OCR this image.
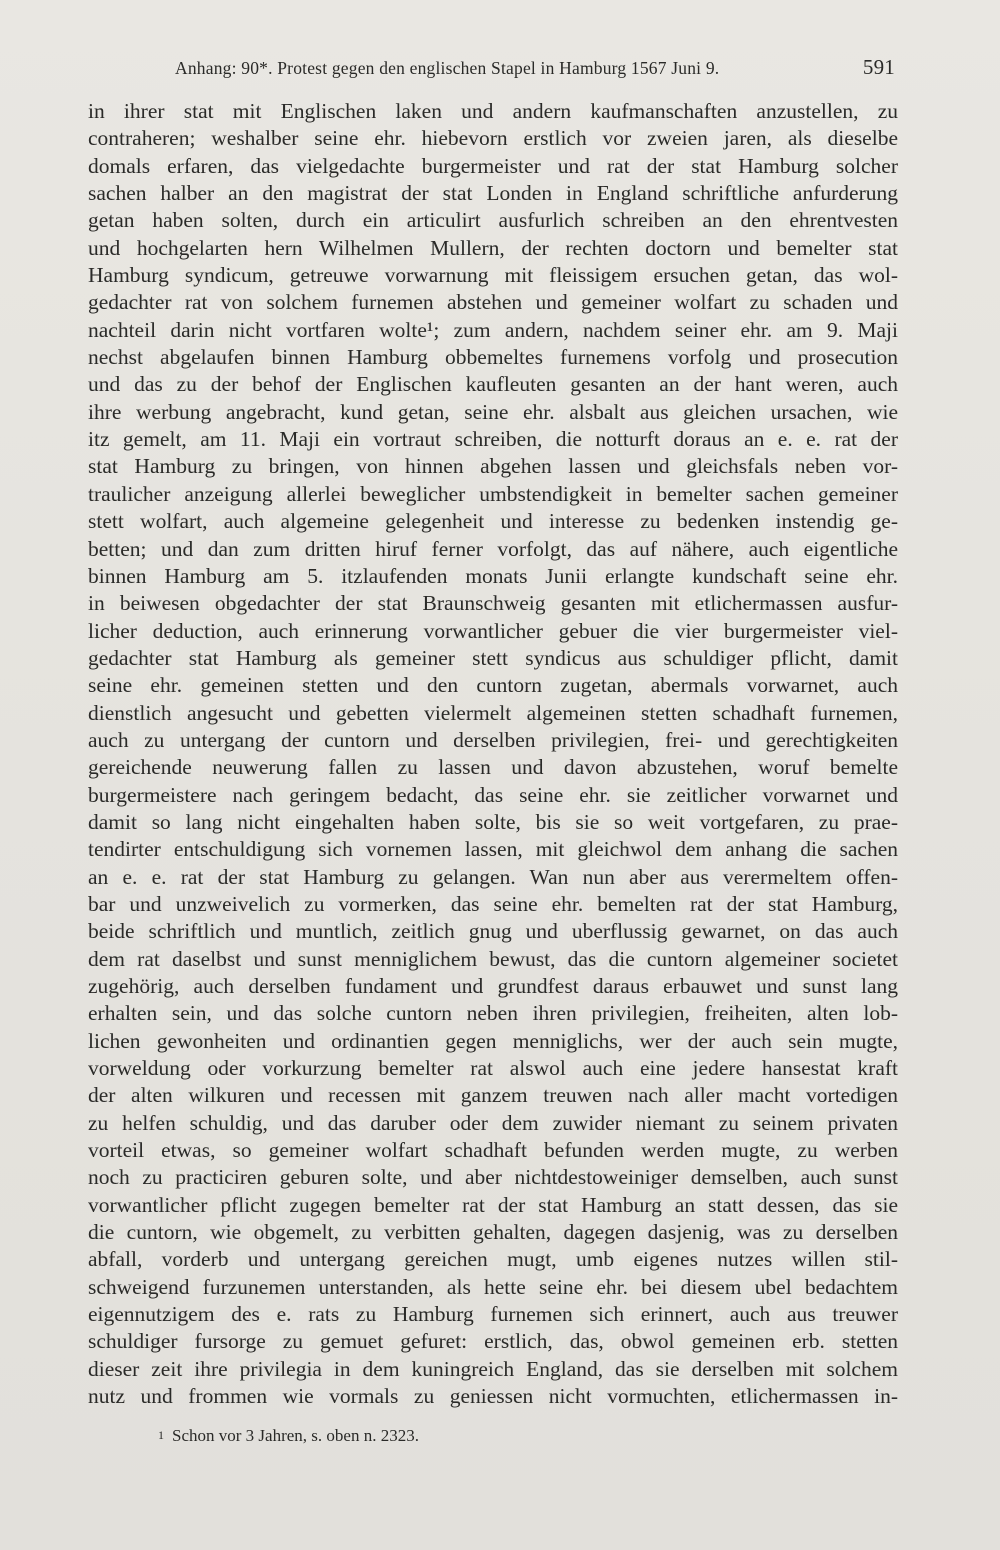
Anhang: 90*. Protest gegen den englischen Stapel in Hamburg 1567 Juni 9.	591
in ihrer stat mit Englischen laken und andern kaufmanschaften anzustellen, zu
contraheren; weshalber seine ehr. hiebevorn erstlich vor zweien jaren, als dieselbe
domals erfaren, das vielgedachte burgermeister und rat der stat Hamburg solcher
sachen halber an den magistrat der stat Londen in England schriftliche anfurderung
getan haben solten, durch ein articulirt ausfurlich schreiben an den ehrentvesten
und hochgelarten hern Wilhelmen Mullern, der rechten doctorn und bemelter stat
Hamburg syndicum, getreuwe vorwarnung mit fleissigem ersuchen getan, das wol-
gedachter rat von solchem furnemen abstehen und gemeiner wolfart zu schaden und
nachteil darin nicht vortfaren wolte¹; zum andern, nachdem seiner ehr. am 9. Maji
nechst abgelaufen binnen Hamburg obbemeltes furnemens vorfolg und prosecution
und das zu der behof der Englischen kaufleuten gesanten an der hant weren, auch
ihre werbung angebracht, kund getan, seine ehr. alsbalt aus gleichen ursachen, wie
itz gemelt, am 11. Maji ein vortraut schreiben, die notturft doraus an e. e. rat der
stat Hamburg zu bringen, von hinnen abgehen lassen und gleichsfals neben vor-
traulicher anzeigung allerlei beweglicher umbstendigkeit in bemelter sachen gemeiner
stett wolfart, auch algemeine gelegenheit und interesse zu bedenken instendig ge-
betten; und dan zum dritten hiruf ferner vorfolgt, das auf nähere, auch eigentliche
binnen Hamburg am 5. itzlaufenden monats Junii erlangte kundschaft seine ehr.
in beiwesen obgedachter der stat Braunschweig gesanten mit etlichermassen ausfur-
licher deduction, auch erinnerung vorwantlicher gebuer die vier burgermeister viel-
gedachter stat Hamburg als gemeiner stett syndicus aus schuldiger pflicht, damit
seine ehr. gemeinen stetten und den cuntorn zugetan, abermals vorwarnet, auch
dienstlich angesucht und gebetten vielermelt algemeinen stetten schadhaft furnemen,
auch zu untergang der cuntorn und derselben privilegien, frei- und gerechtigkeiten
gereichende neuwerung fallen zu lassen und davon abzustehen, woruf bemelte
burgermeistere nach geringem bedacht, das seine ehr. sie zeitlicher vorwarnet und
damit so lang nicht eingehalten haben solte, bis sie so weit vortgefaren, zu prae-
tendirter entschuldigung sich vornemen lassen, mit gleichwol dem anhang die sachen
an e. e. rat der stat Hamburg zu gelangen. Wan nun aber aus verermeltem offen-
bar und unzweivelich zu vormerken, das seine ehr. bemelten rat der stat Hamburg,
beide schriftlich und muntlich, zeitlich gnug und uberflussig gewarnet, on das auch
dem rat daselbst und sunst menniglichem bewust, das die cuntorn algemeiner societet
zugehörig, auch derselben fundament und grundfest daraus erbauwet und sunst lang
erhalten sein, und das solche cuntorn neben ihren privilegien, freiheiten, alten lob-
lichen gewonheiten und ordinantien gegen menniglichs, wer der auch sein mugte,
vorweldung oder vorkurzung bemelter rat alswol auch eine jedere hansestat kraft
der alten wilkuren und recessen mit ganzem treuwen nach aller macht vortedigen
zu helfen schuldig, und das daruber oder dem zuwider niemant zu seinem privaten
vorteil etwas, so gemeiner wolfart schadhaft befunden werden mugte, zu werben
noch zu practiciren geburen solte, und aber nichtdestoweiniger demselben, auch sunst
vorwantlicher pflicht zugegen bemelter rat der stat Hamburg an statt dessen, das sie
die cuntorn, wie obgemelt, zu verbitten gehalten, dagegen dasjenig, was zu derselben
abfall, vorderb und untergang gereichen mugt, umb eigenes nutzes willen stil-
schweigend furzunemen unterstanden, als hette seine ehr. bei diesem ubel bedachtem
eigennutzigem des e. rats zu Hamburg furnemen sich erinnert, auch aus treuwer
schuldiger fursorge zu gemuet gefuret: erstlich, das, obwol gemeinen erb. stetten
dieser zeit ihre privilegia in dem kuningreich England, das sie derselben mit solchem
nutz und frommen wie vormals zu geniessen nicht vormuchten, etlichermassen in-
1 Schon vor 3 Jahren, s. oben n. 2323.
